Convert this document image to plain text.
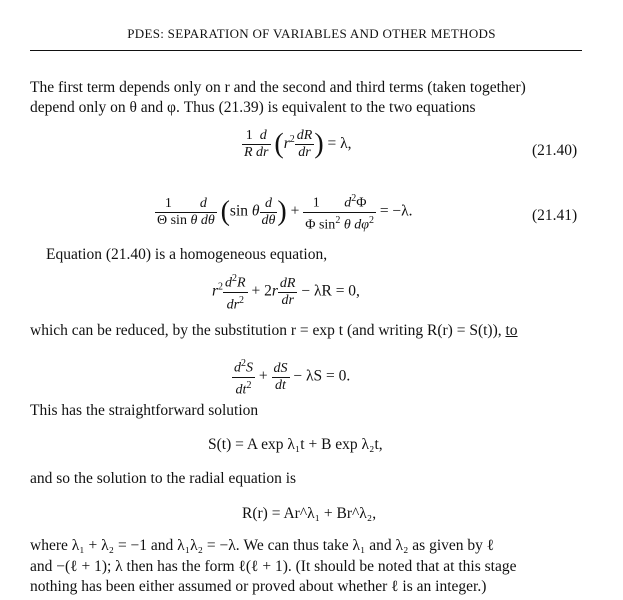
PDES: SEPARATION OF VARIABLES AND OTHER METHODS
The first term depends only on r and the second and third terms (taken together)
depend only on θ and φ. Thus (21.39) is equivalent to the two equations
$\frac{1 d}{\text{R dr}} (r^2 \frac{dR}{dr}$ ) = λ,	(21.40)
$\frac{1 d}{\text{Θ sin θ dθ}} (\sin$ θ $\frac{d}{d\theta}$ ) + $\frac{1 d^2\Phi}{\Phi \sin^2 \theta d\varphi^2} = -\lambda$.	(21.41)
Equation (21.40) is a homogeneous equation,
$r^2 \frac{d^2R}{dr^2} + 2r \frac{dR}{dr} - \lambda R = 0$,
which can be reduced, by the substitution r = exp t (and writing R(r) = S(t)), to
$\frac{d^2S}{dt^2} + \frac{dS}{dt} - \lambda S = 0$.
This has the straightforward solution
S(t) = A exp λ₁t + B exp λ₂t,
and so the solution to the radial equation is
R(r) = Ar^λ₁ + Br^λ₂,
where λ₁ + λ₂ = −1 and λ₁λ₂ = −λ. We can thus take λ₁ and λ₂ as given by ℓ
and −(ℓ + 1); λ then has the form ℓ(ℓ + 1). (It should be noted that at this stage
nothing has been either assumed or proved about whether ℓ is an integer.)
